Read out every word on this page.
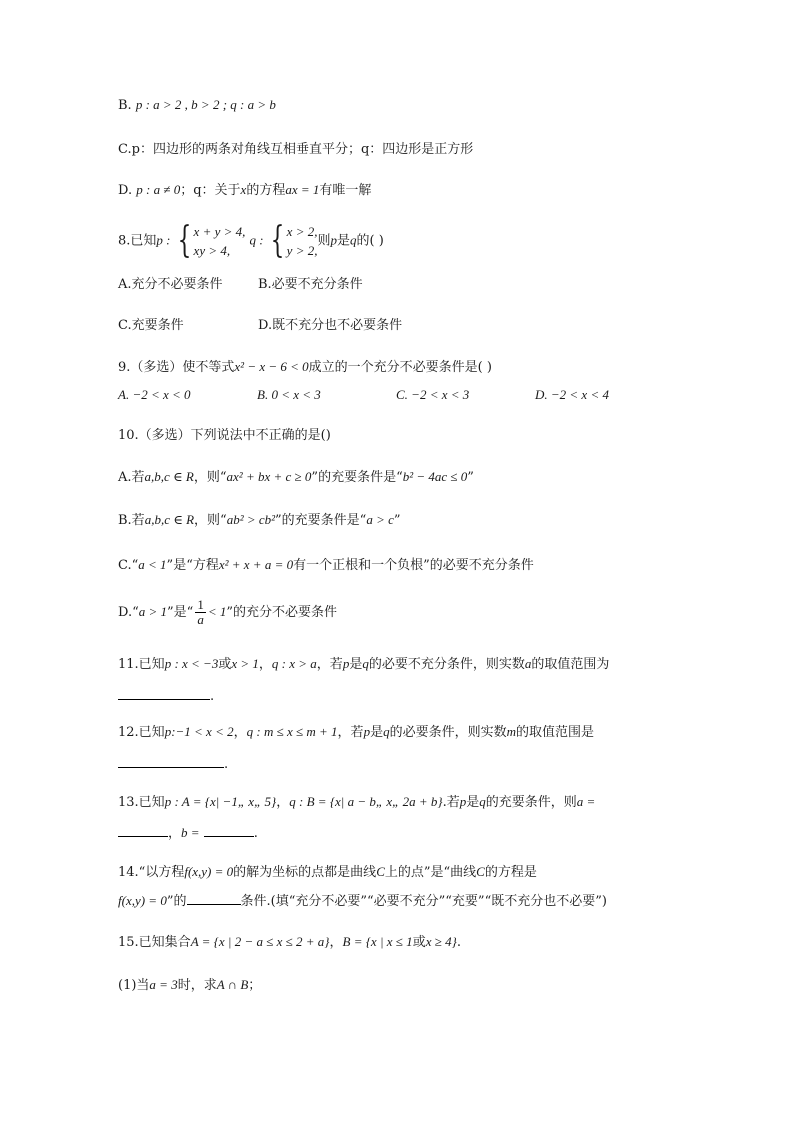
B. p : a > 2 , b > 2 ; q : a > b
C.p：四边形的两条对角线互相垂直平分；q：四边形是正方形
D. p : a ≠ 0；q：关于x的方程ax = 1有唯一解
8.已知p : { x + y > 4,
xy > 4,
q : { x > 2,
y > 2,
则p是q的( )
A.充分不必要条件	B.必要不充分条件
C.充要条件	D.既不充分也不必要条件
9.（多选）使不等式x² − x − 6 < 0成立的一个充分不必要条件是( )
A. −2 < x < 0	B. 0 < x < 3	C. −2 < x < 3	D. −2 < x < 4
10.（多选）下列说法中不正确的是()
A.若a,b,c ∈ R，则“ax² + bx + c ≥ 0”的充要条件是“b² − 4ac ≤ 0”
B.若a,b,c ∈ R，则“ab² > cb²”的充要条件是“a > c”
C.“a < 1”是“方程x² + x + a = 0有一个正根和一个负根”的必要不充分条件
D.“a > 1”是“ $\frac{1}{a} < 1$”的充分不必要条件
11.已知p : x < −3或x > 1，q : x > a，若p是q的必要不充分条件，则实数a的取值范围为
.
12.已知p:−1 < x < 2，q : m ≤ x ≤ m + 1，若p是q的必要条件，则实数m的取值范围是
.
13.已知p : A = {x| −1„ x„ 5}，q : B = {x| a − b„ x„ 2a + b}.若p是q的充要条件，则a =
，b =	.
14.“以方程f(x,y) = 0的解为坐标的点都是曲线C上的点”是“曲线C的方程是
f(x,y) = 0”的	条件.(填“充分不必要”“必要不充分”“充要”“既不充分也不必要”)
15.已知集合A = {x | 2 − a ≤ x ≤ 2 + a}，B = {x | x ≤ 1或x ≥ 4}.
(1)当a = 3时，求A ∩ B；
